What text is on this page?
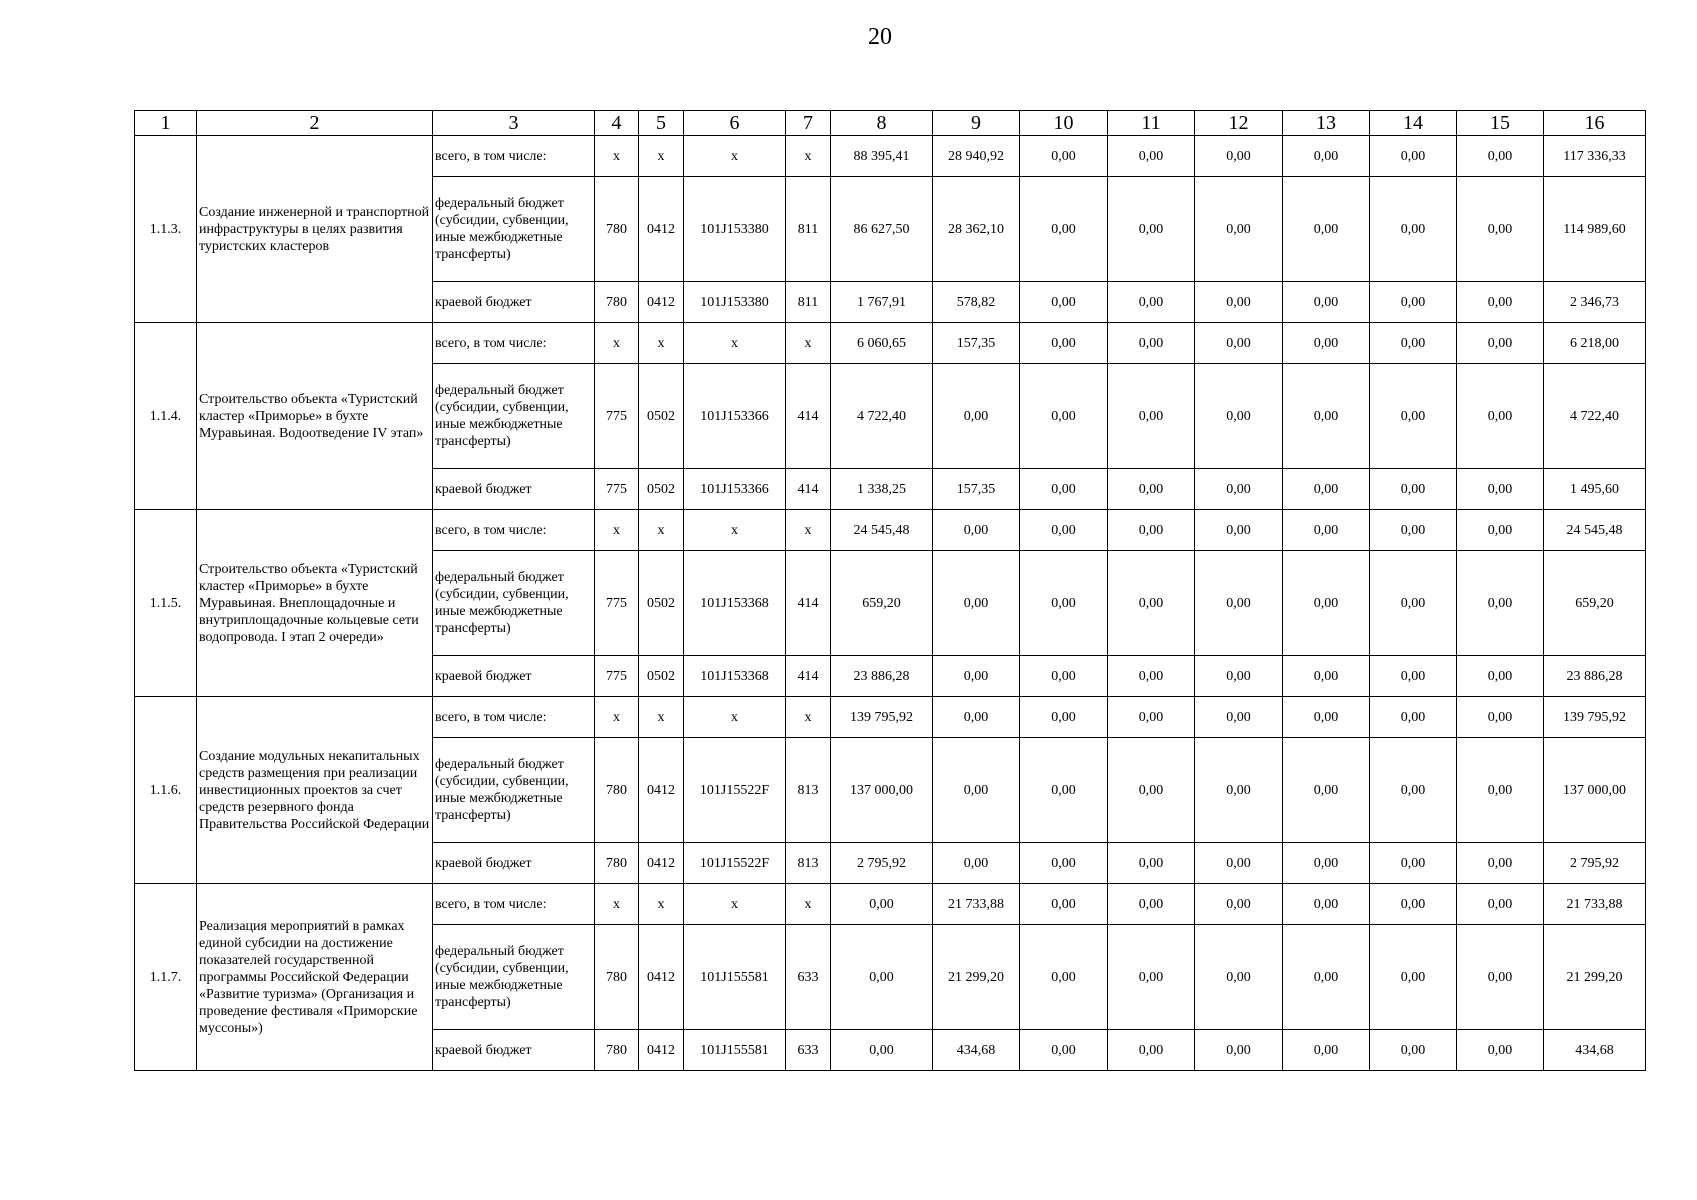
20
1	2	3	4	5	6	7	8	9	10	11	12	13	14	15	16
1.1.3.	Создание инженерной и транспортной инфраструктуры в целях развития туристских кластеров	всего, в том числе:	x	x	x	x	88 395,41	28 940,92	0,00	0,00	0,00	0,00	0,00	0,00	117 336,33
		федеральный бюджет (субсидии, субвенции, иные межбюджетные трансферты)	780	0412	101J153380	811	86 627,50	28 362,10	0,00	0,00	0,00	0,00	0,00	0,00	114 989,60
		краевой бюджет	780	0412	101J153380	811	1 767,91	578,82	0,00	0,00	0,00	0,00	0,00	0,00	2 346,73
1.1.4.	Строительство объекта «Туристский кластер «Приморье» в бухте Муравьиная. Водоотведение IV этап»	всего, в том числе:	x	x	x	x	6 060,65	157,35	0,00	0,00	0,00	0,00	0,00	0,00	6 218,00
		федеральный бюджет (субсидии, субвенции, иные межбюджетные трансферты)	775	0502	101J153366	414	4 722,40	0,00	0,00	0,00	0,00	0,00	0,00	0,00	4 722,40
		краевой бюджет	775	0502	101J153366	414	1 338,25	157,35	0,00	0,00	0,00	0,00	0,00	0,00	1 495,60
1.1.5.	Строительство объекта «Туристский кластер «Приморье» в бухте Муравьиная. Внеплощадочные и внутриплощадочные кольцевые сети водопровода. I этап 2 очереди»	всего, в том числе:	x	x	x	x	24 545,48	0,00	0,00	0,00	0,00	0,00	0,00	0,00	24 545,48
		федеральный бюджет (субсидии, субвенции, иные межбюджетные трансферты)	775	0502	101J153368	414	659,20	0,00	0,00	0,00	0,00	0,00	0,00	0,00	659,20
		краевой бюджет	775	0502	101J153368	414	23 886,28	0,00	0,00	0,00	0,00	0,00	0,00	0,00	23 886,28
1.1.6.	Создание модульных некапитальных средств размещения при реализации инвестиционных проектов за счет средств резервного фонда Правительства Российской Федерации	всего, в том числе:	x	x	x	x	139 795,92	0,00	0,00	0,00	0,00	0,00	0,00	0,00	139 795,92
		федеральный бюджет (субсидии, субвенции, иные межбюджетные трансферты)	780	0412	101J15522F	813	137 000,00	0,00	0,00	0,00	0,00	0,00	0,00	0,00	137 000,00
		краевой бюджет	780	0412	101J15522F	813	2 795,92	0,00	0,00	0,00	0,00	0,00	0,00	0,00	2 795,92
1.1.7.	Реализация мероприятий в рамках единой субсидии на достижение показателей государственной программы Российской Федерации «Развитие туризма» (Организация и проведение фестиваля «Приморские муссоны»)	всего, в том числе:	x	x	x	x	0,00	21 733,88	0,00	0,00	0,00	0,00	0,00	0,00	21 733,88
		федеральный бюджет (субсидии, субвенции, иные межбюджетные трансферты)	780	0412	101J155581	633	0,00	21 299,20	0,00	0,00	0,00	0,00	0,00	0,00	21 299,20
		краевой бюджет	780	0412	101J155581	633	0,00	434,68	0,00	0,00	0,00	0,00	0,00	0,00	434,68
